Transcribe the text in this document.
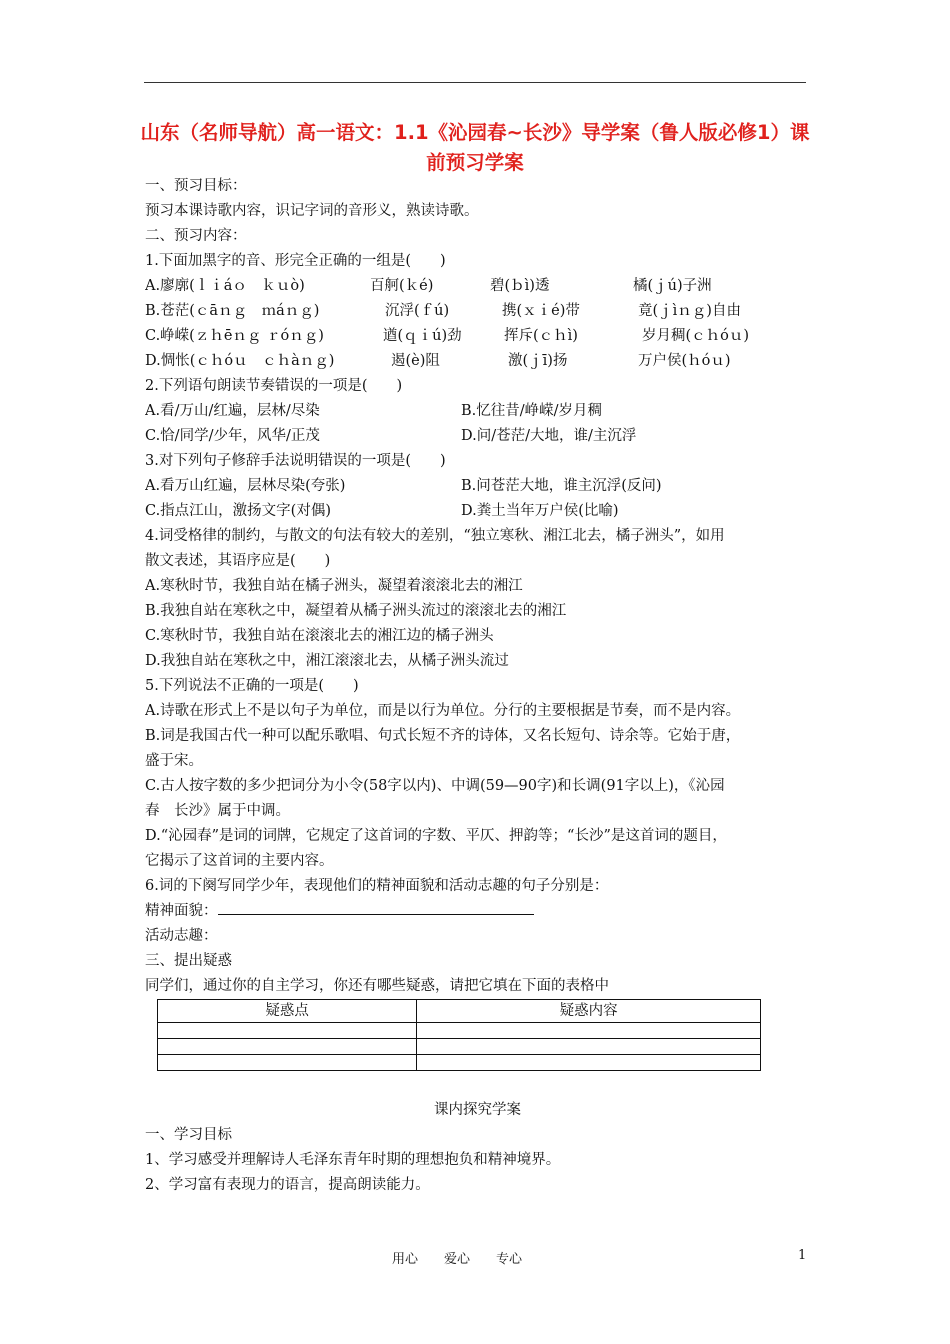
山东（名师导航）高一语文：1.1《沁园春~长沙》导学案（鲁人版必修1）课前预习学案
一、预习目标：
预习本课诗歌内容，识记字词的音形义，熟读诗歌。
二、预习内容：
1.下面加黑字的音、形完全正确的一组是(　　)
A.廖廓(ｌｉáｏ　ｋｕò)	百舸(ｋé)	碧(ｂì)透	橘(ｊú)子洲
B.苍茫(ｃāｎｇ　ｍáｎｇ)	沉浮(ｆú)	携(ｘｉé)带	竟(ｊìｎｇ)自由
C.峥嵘(ｚｈēｎｇ ｒóｎｇ)	遒(ｑｉú)劲	挥斥(ｃｈì)	岁月稠(ｃｈóｕ)
D.惆怅(ｃｈóｕ　ｃｈàｎｇ)	遏(è)阻	激(ｊī)扬	万户侯(ｈóｕ)
2.下列语句朗读节奏错误的一项是(　　)
A.看/万山/红遍，层林/尽染	B.忆往昔/峥嵘/岁月稠
C.恰/同学/少年，风华/正茂	D.问/苍茫/大地，谁/主沉浮
3.对下列句子修辞手法说明错误的一项是(　　)
A.看万山红遍，层林尽染(夸张)	B.问苍茫大地，谁主沉浮(反问)
C.指点江山，激扬文字(对偶)	D.粪土当年万户侯(比喻)
4.词受格律的制约，与散文的句法有较大的差别，“独立寒秋、湘江北去，橘子洲头”，如用
散文表述，其语序应是(　　)
A.寒秋时节，我独自站在橘子洲头，凝望着滚滚北去的湘江
B.我独自站在寒秋之中，凝望着从橘子洲头流过的滚滚北去的湘江
C.寒秋时节，我独自站在滚滚北去的湘江边的橘子洲头
D.我独自站在寒秋之中，湘江滚滚北去，从橘子洲头流过
5.下列说法不正确的一项是(　　)
A.诗歌在形式上不是以句子为单位，而是以行为单位。分行的主要根据是节奏，而不是内容。
B.词是我国古代一种可以配乐歌唱、句式长短不齐的诗体，又名长短句、诗余等。它始于唐，
盛于宋。
C.古人按字数的多少把词分为小令(58字以内)、中调(59—90字)和长调(91字以上)，《沁园
春　长沙》属于中调。
D.“沁园春”是词的词牌，它规定了这首词的字数、平仄、押韵等；“长沙”是这首词的题目，
它揭示了这首词的主要内容。
6.词的下阕写同学少年，表现他们的精神面貌和活动志趣的句子分别是：
精神面貌：
活动志趣：
三、提出疑惑
同学们，通过你的自主学习，你还有哪些疑惑，请把它填在下面的表格中
疑惑点	疑惑内容

课内探究学案
一、学习目标
1、学习感受并理解诗人毛泽东青年时期的理想抱负和精神境界。
2、学习富有表现力的语言，提高朗读能力。
用心 爱心 专心	1
